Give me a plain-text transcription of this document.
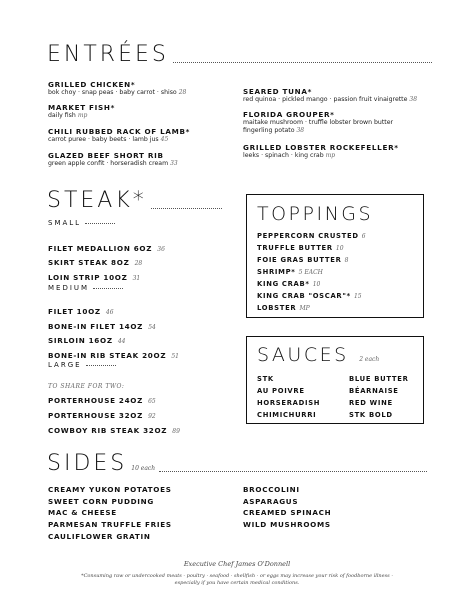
ENTRÉES
GRILLED CHICKEN*
bok choy · snap peas · baby carrot · shiso 28
MARKET FISH*
daily fish mp
CHILI RUBBED RACK OF LAMB*
carrot puree · baby beets · lamb jus 45
GLAZED BEEF SHORT RIB
green apple confit · horseradish cream 33
SEARED TUNA*
red quinoa · pickled mango · passion fruit vinaigrette 38
FLORIDA GROUPER*
maitake mushroom · truffle lobster brown butter
fingerling potato 38
GRILLED LOBSTER ROCKEFELLER*
leeks · spinach · king crab mp
STEAK*
SMALL
FILET MEDALLION 6OZ 36
SKIRT STEAK 8OZ 28
LOIN STRIP 10OZ 31
MEDIUM
FILET 10OZ 46
BONE-IN FILET 14OZ 54
SIRLOIN 16OZ 44
BONE-IN RIB STEAK 20OZ 51
LARGE
TO SHARE FOR TWO:
PORTERHOUSE 24OZ 65
PORTERHOUSE 32OZ 92
COWBOY RIB STEAK 32OZ 89
TOPPINGS
PEPPERCORN CRUSTED 6
TRUFFLE BUTTER 10
FOIE GRAS BUTTER 8
SHRIMP* 5 EACH
KING CRAB* 10
KING CRAB "OSCAR"* 15
LOBSTER MP
SAUCES 2 each
STK
AU POIVRE
HORSERADISH
CHIMICHURRI
BLUE BUTTER
BÉARNAISE
RED WINE
STK BOLD
SIDES 10 each
CREAMY YUKON POTATOES
SWEET CORN PUDDING
MAC & CHEESE
PARMESAN TRUFFLE FRIES
CAULIFLOWER GRATIN
BROCCOLINI
ASPARAGUS
CREAMED SPINACH
WILD MUSHROOMS
Executive Chef James O'Donnell
*Consuming raw or undercooked meats · poultry · seafood · shellfish · or eggs may increase your risk of foodborne illness ·
especially if you have certain medical conditions.
